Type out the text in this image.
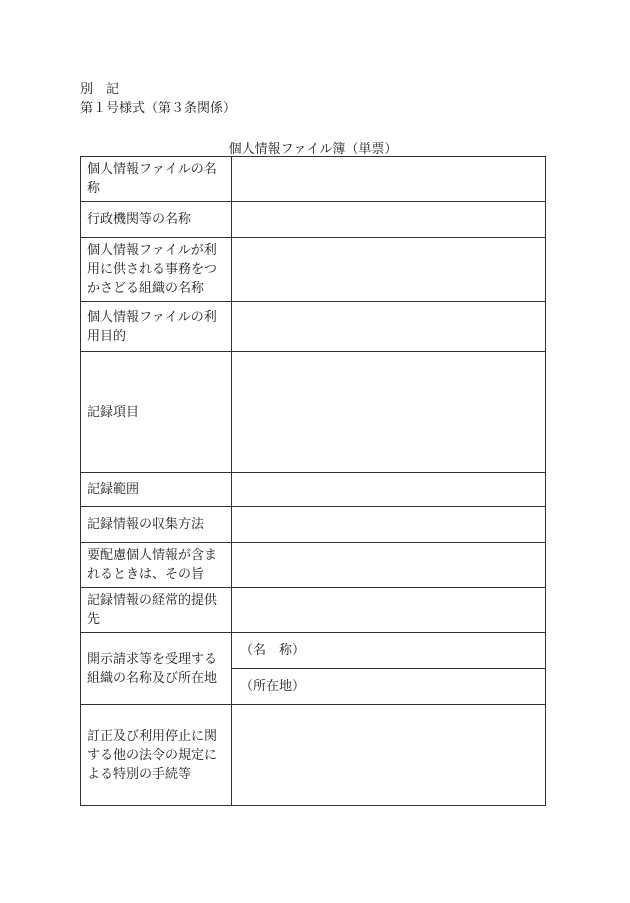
別　記
第１号様式（第３条関係）
個人情報ファイル簿（単票）
個人情報ファイルの名称	
行政機関等の名称	
個人情報ファイルが利用に供される事務をつかさどる組織の名称	
個人情報ファイルの利用目的	
記録項目	
記録範囲	
記録情報の収集方法	
要配慮個人情報が含まれるときは、その旨	
記録情報の経常的提供先	
開示請求等を受理する組織の名称及び所在地	（名　称）
	（所在地）
訂正及び利用停止に関する他の法令の規定による特別の手続等	
